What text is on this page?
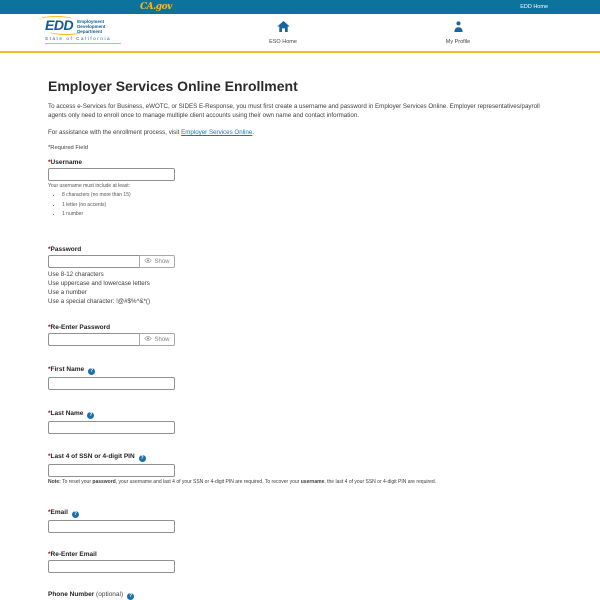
CA.gov	EDD Home
EDD Employment
Development
Department
State of California
ESO Home	My Profile
Employer Services Online Enrollment

To access e-Services for Business, eWOTC, or SIDES E-Response, you must first create a username and password in Employer Services Online. Employer representatives/payroll agents only need to enroll once to manage multiple client accounts using their own name and contact information.

For assistance with the enrollment process, visit Employer Services Online.

*Required Field

*Username
Your username must include at least:
• 8 characters (no more than 15)
• 1 letter (no accents)
• 1 number
*Password
Show
Use 8-12 characters
Use uppercase and lowercase letters
Use a number
Use a special character: !@#$%^&*()
*Re-Enter Password
Show
*First Name ?
*Last Name ?
*Last 4 of SSN or 4-digit PIN ?

Note: To reset your password, your username and last 4 of your SSN or 4-digit PIN are required. To recover your username, the last 4 of your SSN or 4-digit PIN are required.

*Email ?
*Re-Enter Email
Phone Number (optional) ?
